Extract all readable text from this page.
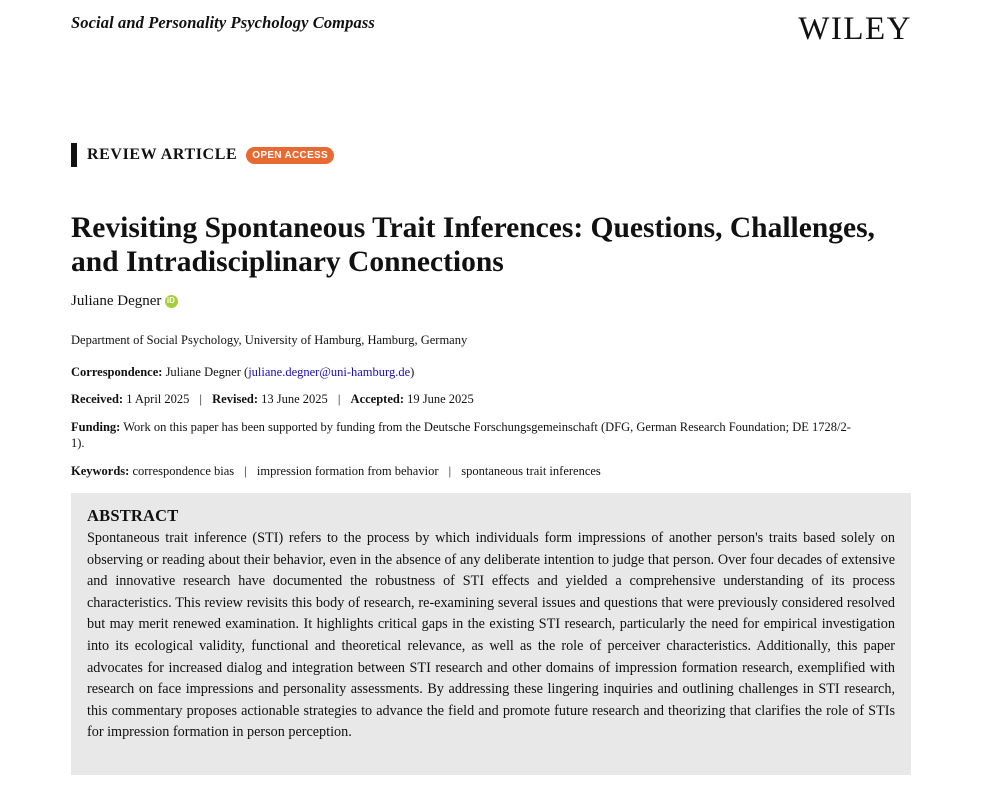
Social and Personality Psychology Compass	WILEY
REVIEW ARTICLE	OPEN ACCESS
Revisiting Spontaneous Trait Inferences: Questions, Challenges, and Intradisciplinary Connections
Juliane Degner
iD
Department of Social Psychology, University of Hamburg, Hamburg, Germany
Correspondence: Juliane Degner (juliane.degner@uni-hamburg.de)
Received: 1 April 2025 | Revised: 13 June 2025 | Accepted: 19 June 2025
Funding: Work on this paper has been supported by funding from the Deutsche Forschungsgemeinschaft (DFG, German Research Foundation; DE 1728/2-1).
Keywords: correspondence bias | impression formation from behavior | spontaneous trait inferences
ABSTRACT

Spontaneous trait inference (STI) refers to the process by which individuals form impressions of another person's traits based solely on observing or reading about their behavior, even in the absence of any deliberate intention to judge that person. Over four decades of extensive and innovative research have documented the robustness of STI effects and yielded a comprehensive understanding of its process characteristics. This review revisits this body of research, re-examining several issues and questions that were previously considered resolved but may merit renewed examination. It highlights critical gaps in the existing STI research, particularly the need for empirical investigation into its ecological validity, functional and theoretical relevance, as well as the role of perceiver characteristics. Additionally, this paper advocates for increased dialog and integration between STI research and other domains of impression formation research, exemplified with research on face impressions and personality assessments. By addressing these lingering inquiries and outlining challenges in STI research, this commentary proposes actionable strategies to advance the field and promote future research and theorizing that clarifies the role of STIs for impression formation in person perception.
